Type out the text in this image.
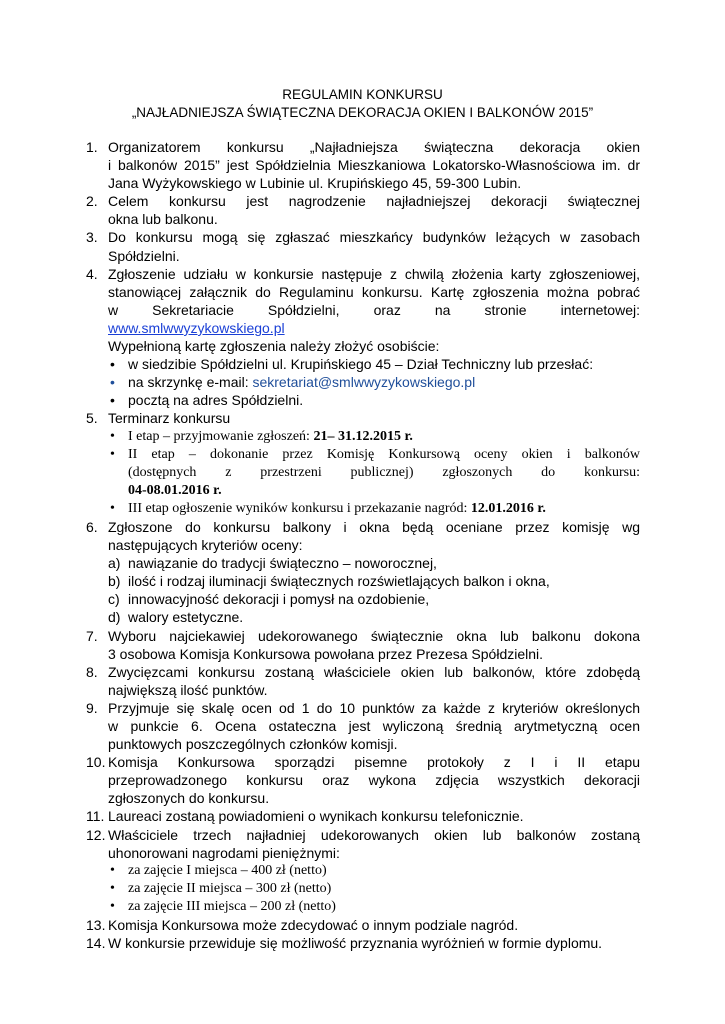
REGULAMIN KONKURSU
„NAJŁADNIEJSZA ŚWIĄTECZNA DEKORACJA OKIEN I BALKONÓW 2015”
1. Organizatorem konkursu „Najładniejsza świąteczna dekoracja okien
i balkonów 2015” jest Spółdzielnia Mieszkaniowa Lokatorsko-Własnościowa im. dr
Jana Wyżykowskiego w Lubinie ul. Krupińskiego 45, 59-300 Lubin.
2. Celem konkursu jest nagrodzenie najładniejszej dekoracji świątecznej
okna lub balkonu.
3. Do konkursu mogą się zgłaszać mieszkańcy budynków leżących w zasobach
Spółdzielni.
4. Zgłoszenie udziału w konkursie następuje z chwilą złożenia karty zgłoszeniowej,
stanowiącej załącznik do Regulaminu konkursu. Kartę zgłoszenia można pobrać
w Sekretariacie Spółdzielni, oraz na stronie internetowej:
www.smlwwyzykowskiego.pl
Wypełnioną kartę zgłoszenia należy złożyć osobiście:
• w siedzibie Spółdzielni ul. Krupińskiego 45 – Dział Techniczny lub przesłać:
• na skrzynkę e-mail: sekretariat@smlwwyzykowskiego.pl
• pocztą na adres Spółdzielni.
5. Terminarz konkursu
• I etap – przyjmowanie zgłoszeń: 21– 31.12.2015 r.
• II etap – dokonanie przez Komisję Konkursową oceny okien i balkonów
(dostępnych z przestrzeni publicznej) zgłoszonych do konkursu:
04-08.01.2016 r.
• III etap ogłoszenie wyników konkursu i przekazanie nagród: 12.01.2016 r.
6. Zgłoszone do konkursu balkony i okna będą oceniane przez komisję wg
następujących kryteriów oceny:
a) nawiązanie do tradycji świąteczno – noworocznej,
b) ilość i rodzaj iluminacji świątecznych rozświetlających balkon i okna,
c) innowacyjność dekoracji i pomysł na ozdobienie,
d) walory estetyczne.
7. Wyboru najciekawiej udekorowanego świątecznie okna lub balkonu dokona
3 osobowa Komisja Konkursowa powołana przez Prezesa Spółdzielni.
8. Zwycięzcami konkursu zostaną właściciele okien lub balkonów, które zdobędą
największą ilość punktów.
9. Przyjmuje się skalę ocen od 1 do 10 punktów za każde z kryteriów określonych
w punkcie 6. Ocena ostateczna jest wyliczoną średnią arytmetyczną ocen
punktowych poszczególnych członków komisji.
10. Komisja Konkursowa sporządzi pisemne protokoły z I i II etapu
przeprowadzonego konkursu oraz wykona zdjęcia wszystkich dekoracji
zgłoszonych do konkursu.
11. Laureaci zostaną powiadomieni o wynikach konkursu telefonicznie.
12. Właściciele trzech najładniej udekorowanych okien lub balkonów zostaną
uhonorowani nagrodami pieniężnymi:
• za zajęcie I miejsca – 400 zł (netto)
• za zajęcie II miejsca – 300 zł (netto)
• za zajęcie III miejsca – 200 zł (netto)
13. Komisja Konkursowa może zdecydować o innym podziale nagród.
14. W konkursie przewiduje się możliwość przyznania wyróżnień w formie dyplomu.
